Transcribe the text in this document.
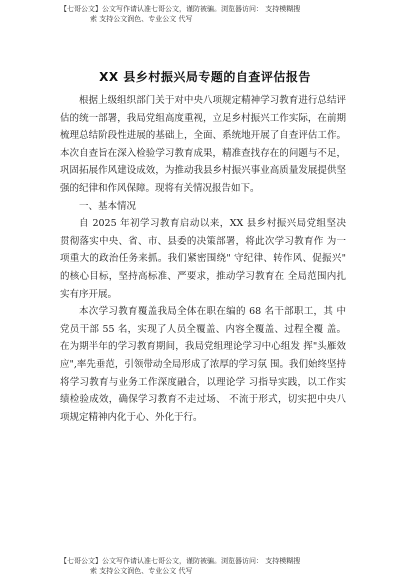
【七哥公文】公文写作请认准七哥公文，谨防被骗。浏览器访问： 支持模糊搜
索 支持公文润色、专业公文 代写
XX 县乡村振兴局专题的自查评估报告

根据上级组织部门关于对中央八项规定精神学习教育进行总结评估的统一部署，我局党组高度重视，立足乡村振兴工作实际，在前期梳理总结阶段性进展的基础上，全面、系统地开展了自查评估工作。本次自查旨在深入检验学习教育成果，精准查找存在的问题与不足，巩固拓展作风建设成效，为推动我县乡村振兴事业高质量发展提供坚强的纪律和作风保障。现将有关情况报告如下。

一、基本情况

自 2025 年初学习教育启动以来，XX 县乡村振兴局党组坚决 贯彻落实中央、省、市、县委的决策部署，将此次学习教育作 为一项重大的政治任务来抓。我们紧密围绕" 守纪律、转作风、促振兴" 的核心目标，坚持高标准、严要求，推动学习教育在 全局范围内扎实有序开展。

本次学习教育覆盖我局全体在职在编的 68 名干部职工，其 中党员干部 55 名，实现了人员全覆盖、内容全覆盖、过程全覆 盖。在为期半年的学习教育期间，我局党组理论学习中心组发 挥"头雁效应",率先垂范，引领带动全局形成了浓厚的学习氛 围。我们始终坚持将学习教育与业务工作深度融合，以理论学 习指导实践，以工作实绩检验成效，确保学习教育不走过场、 不流于形式，切实把中央八项规定精神内化于心、外化于行。

【七哥公文】公文写作请认准七哥公文，谨防被骗。浏览器访问： 支持模糊搜
索 支持公文润色、专业公文 代写
